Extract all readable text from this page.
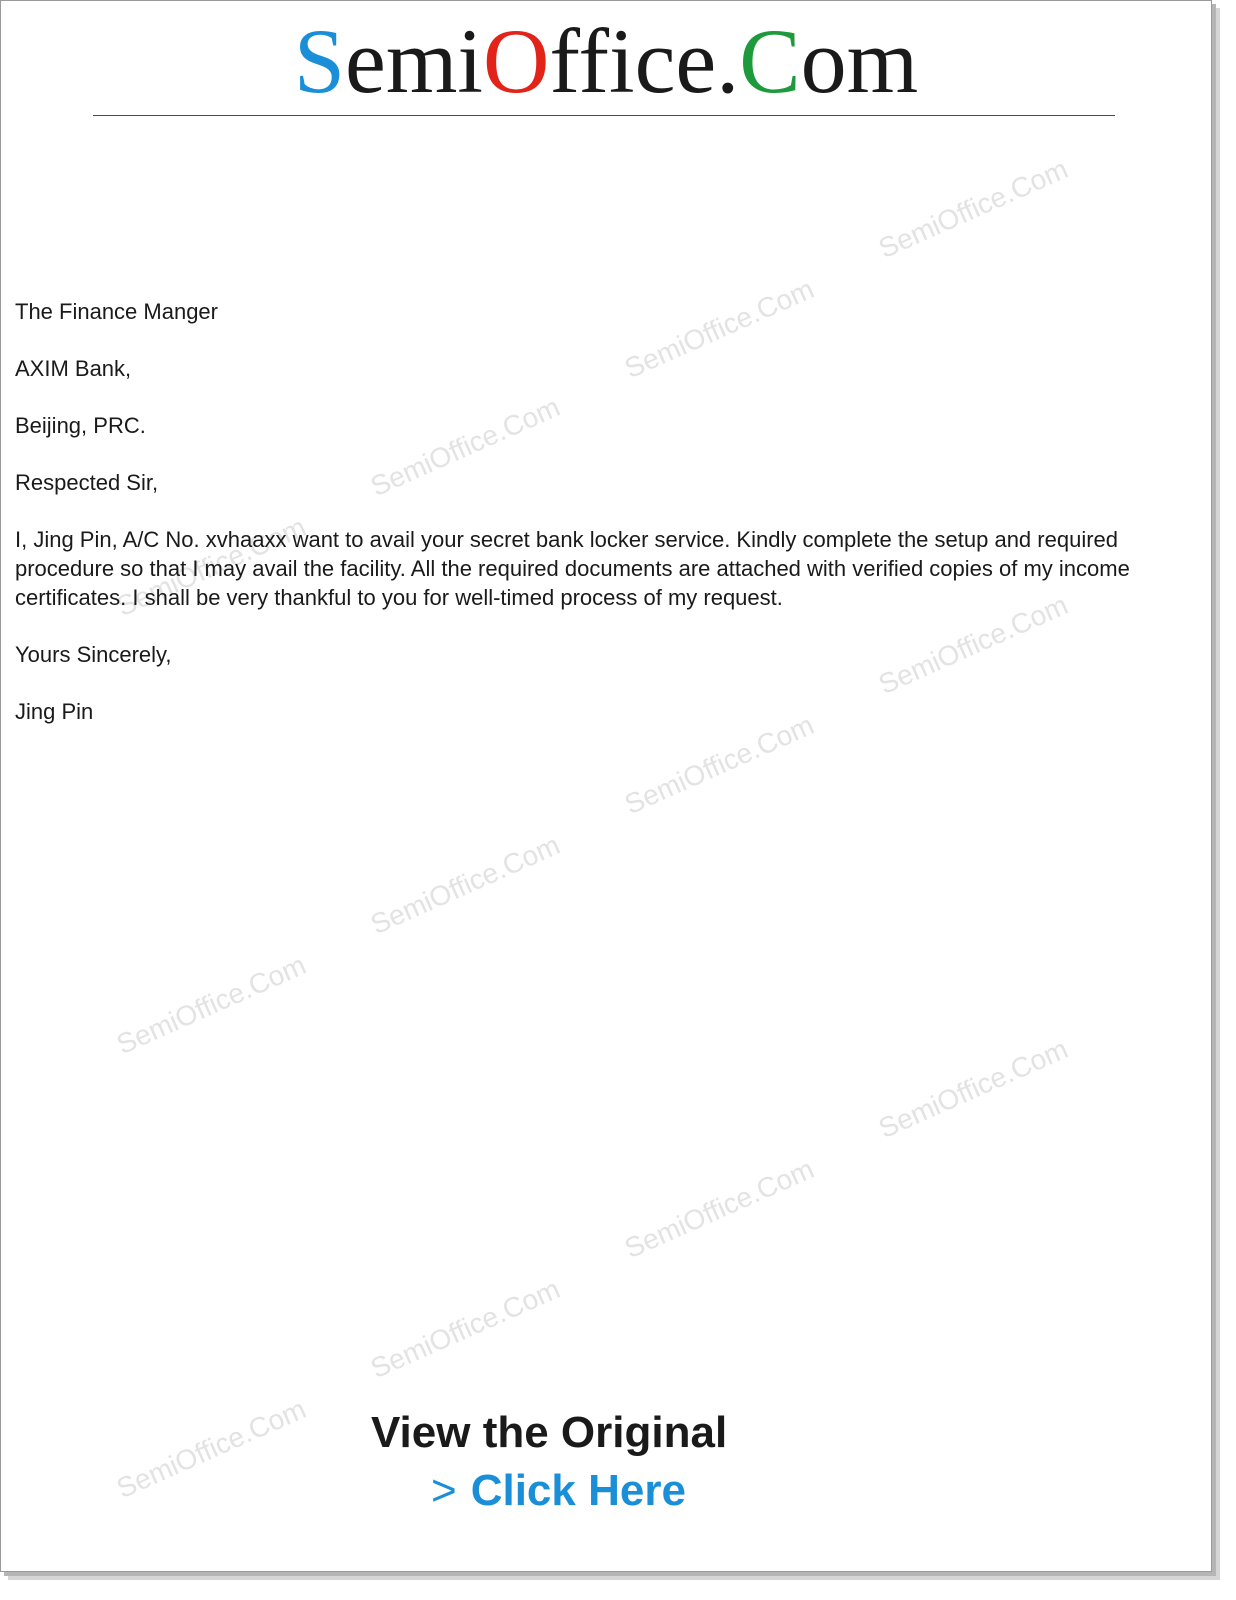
SemiOffice.Com
SemiOffice.Com
SemiOffice.Com
SemiOffice.Com
SemiOffice.Com
SemiOffice.Com
SemiOffice.Com
SemiOffice.Com
SemiOffice.Com
SemiOffice.Com
SemiOffice.Com
SemiOffice.Com
SemiOffice.Com

The Finance Manger

AXIM Bank,

Beijing, PRC.

Respected Sir,

I, Jing Pin, A/C No. xvhaaxx want to avail your secret bank locker service. Kindly complete the setup and required procedure so that I may avail the facility. All the required documents are attached with verified copies of my income certificates. I shall be very thankful to you for well-timed process of my request.

Yours Sincerely,

Jing Pin

View the Original
> Click Here
